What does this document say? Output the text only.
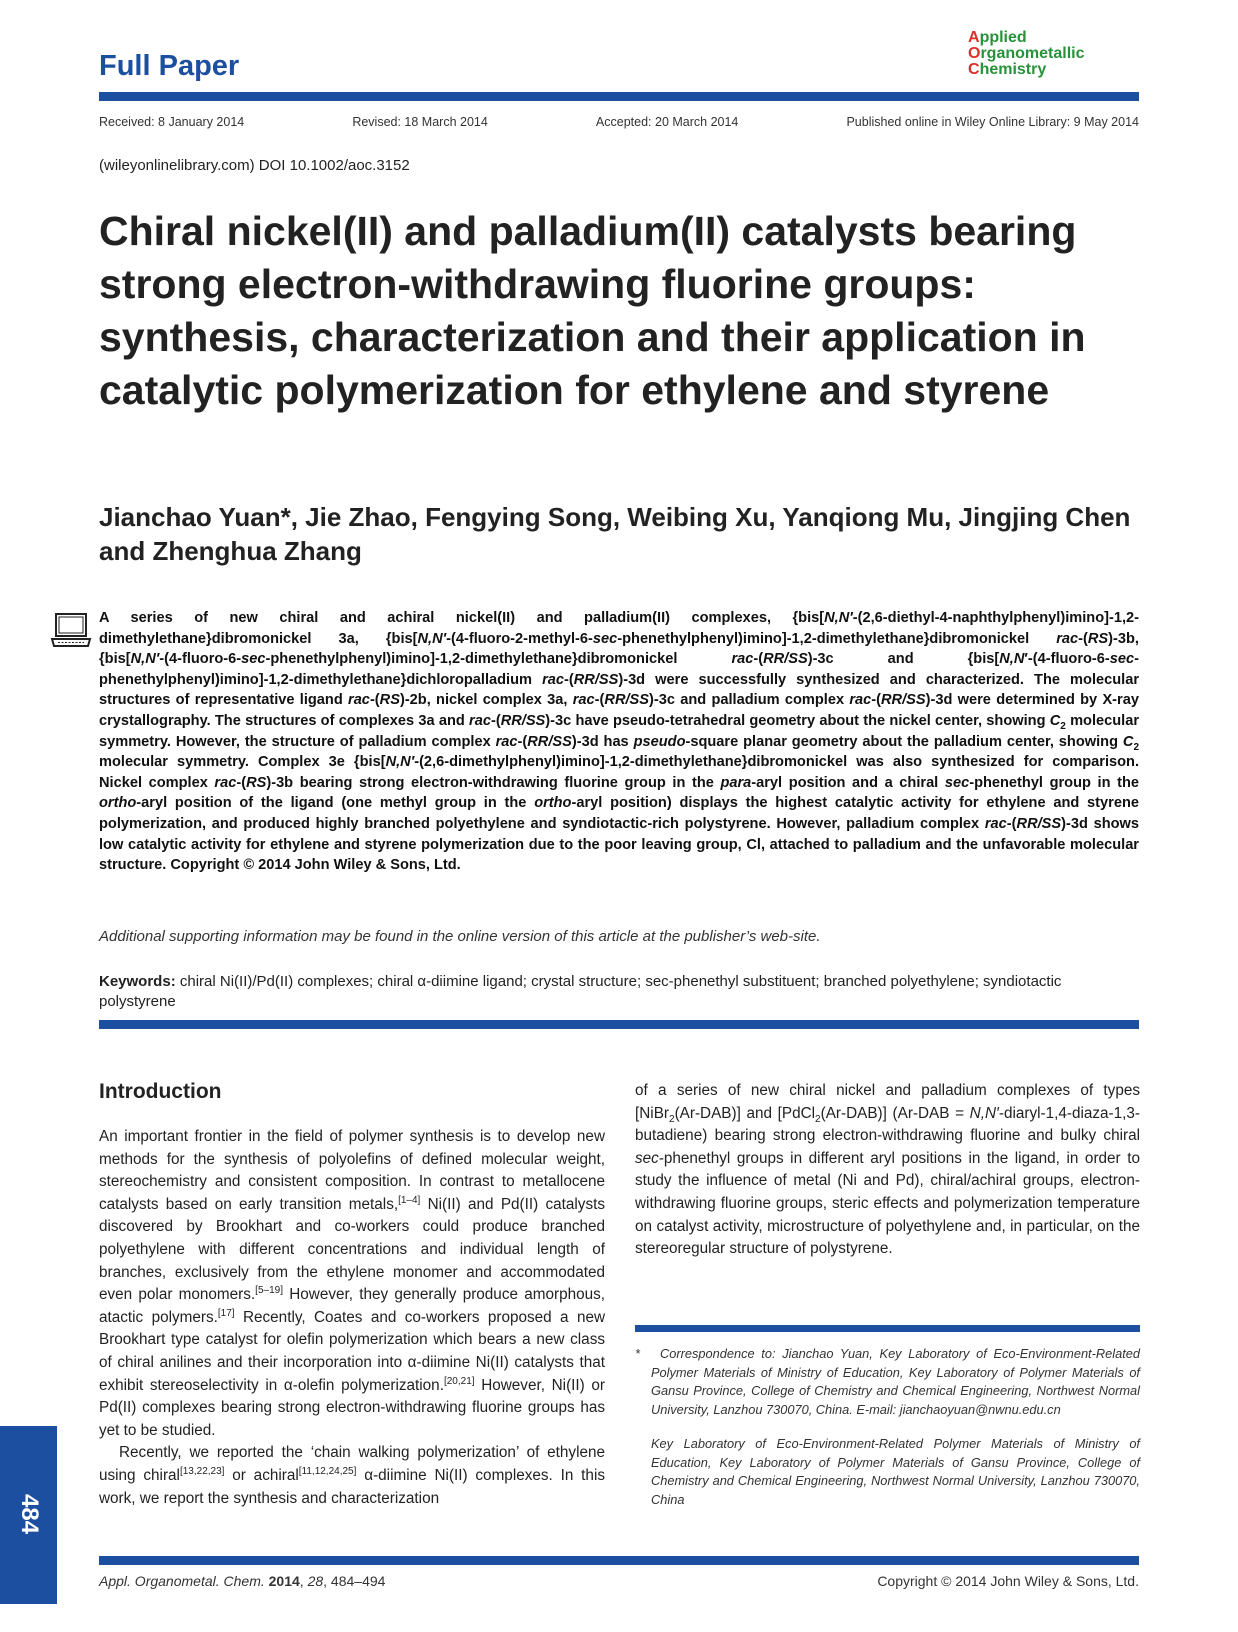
Full Paper
Applied
Organometallic
Chemistry
Received: 8 January 2014	Revised: 18 March 2014	Accepted: 20 March 2014	Published online in Wiley Online Library: 9 May 2014
(wileyonlinelibrary.com) DOI 10.1002/aoc.3152
Chiral nickel(II) and palladium(II) catalysts bearing strong electron-withdrawing fluorine groups: synthesis, characterization and their application in catalytic polymerization for ethylene and styrene
Jianchao Yuan*, Jie Zhao, Fengying Song, Weibing Xu, Yanqiong Mu, Jingjing Chen and Zhenghua Zhang
A series of new chiral and achiral nickel(II) and palladium(II) complexes, {bis[N,N′-(2,6-diethyl-4-naphthylphenyl)imino]-1,2-dimethylethane}dibromonickel 3a, {bis[N,N′-(4-fluoro-2-methyl-6-sec-phenethylphenyl)imino]-1,2-dimethylethane}dibromonickel rac-(RS)-3b, {bis[N,N′-(4-fluoro-6-sec-phenethylphenyl)imino]-1,2-dimethylethane}dibromonickel rac-(RR/SS)-3c and {bis[N,N′-(4-fluoro-6-sec-phenethylphenyl)imino]-1,2-dimethylethane}dichloropalladium rac-(RR/SS)-3d were successfully synthesized and characterized. The molecular structures of representative ligand rac-(RS)-2b, nickel complex 3a, rac-(RR/SS)-3c and palladium complex rac-(RR/SS)-3d were determined by X-ray crystallography. The structures of complexes 3a and rac-(RR/SS)-3c have pseudo-tetrahedral geometry about the nickel center, showing $C_2$ molecular symmetry. However, the structure of palladium complex rac-(RR/SS)-3d has pseudo-square planar geometry about the palladium center, showing $C_2$ molecular symmetry. Complex 3e {bis[N,N′-(2,6-dimethylphenyl)imino]-1,2-dimethylethane}dibromonickel was also synthesized for comparison. Nickel complex rac-(RS)-3b bearing strong electron-withdrawing fluorine group in the para-aryl position and a chiral sec-phenethyl group in the ortho-aryl position of the ligand (one methyl group in the ortho-aryl position) displays the highest catalytic activity for ethylene and styrene polymerization, and produced highly branched polyethylene and syndiotactic-rich polystyrene. However, palladium complex rac-(RR/SS)-3d shows low catalytic activity for ethylene and styrene polymerization due to the poor leaving group, Cl, attached to palladium and the unfavorable molecular structure. Copyright © 2014 John Wiley & Sons, Ltd.
Additional supporting information may be found in the online version of this article at the publisher’s web-site.
Keywords: chiral Ni(II)/Pd(II) complexes; chiral α-diimine ligand; crystal structure; sec-phenethyl substituent; branched polyethylene; syndiotactic polystyrene
Introduction

An important frontier in the field of polymer synthesis is to develop new methods for the synthesis of polyolefins of defined molecular weight, stereochemistry and consistent composition. In contrast to metallocene catalysts based on early transition metals,[1–4] Ni(II) and Pd(II) catalysts discovered by Brookhart and co-workers could produce branched polyethylene with different concentrations and individual length of branches, exclusively from the ethylene monomer and accommodated even polar monomers.[5–19] However, they generally produce amorphous, atactic polymers.[17] Recently, Coates and co-workers proposed a new Brookhart type catalyst for olefin polymerization which bears a new class of chiral anilines and their incorporation into α-diimine Ni(II) catalysts that exhibit stereoselectivity in α-olefin polymerization.[20,21] However, Ni(II) or Pd(II) complexes bearing strong electron-withdrawing fluorine groups has yet to be studied.

Recently, we reported the ‘chain walking polymerization’ of ethylene using chiral[13,22,23] or achiral[11,12,24,25] α-diimine Ni(II) complexes. In this work, we report the synthesis and characterization

of a series of new chiral nickel and palladium complexes of types [NiBr$_2$(Ar-DAB)] and [PdCl$_2$(Ar-DAB)] (Ar-DAB = N,N′-diaryl-1,4-diaza-1,3-butadiene) bearing strong electron-withdrawing fluorine and bulky chiral sec-phenethyl groups in different aryl positions in the ligand, in order to study the influence of metal (Ni and Pd), chiral/achiral groups, electron-withdrawing fluorine groups, steric effects and polymerization temperature on catalyst activity, microstructure of polyethylene and, in particular, on the stereoregular structure of polystyrene.

*   Correspondence to: Jianchao Yuan, Key Laboratory of Eco-Environment-Related Polymer Materials of Ministry of Education, Key Laboratory of Polymer Materials of Gansu Province, College of Chemistry and Chemical Engineering, Northwest Normal University, Lanzhou 730070, China. E-mail: jianchaoyuan@nwnu.edu.cn

Key Laboratory of Eco-Environment-Related Polymer Materials of Ministry of Education, Key Laboratory of Polymer Materials of Gansu Province, College of Chemistry and Chemical Engineering, Northwest Normal University, Lanzhou 730070, China

Appl. Organometal. Chem. 2014, 28, 484–494	Copyright © 2014 John Wiley & Sons, Ltd.
484
